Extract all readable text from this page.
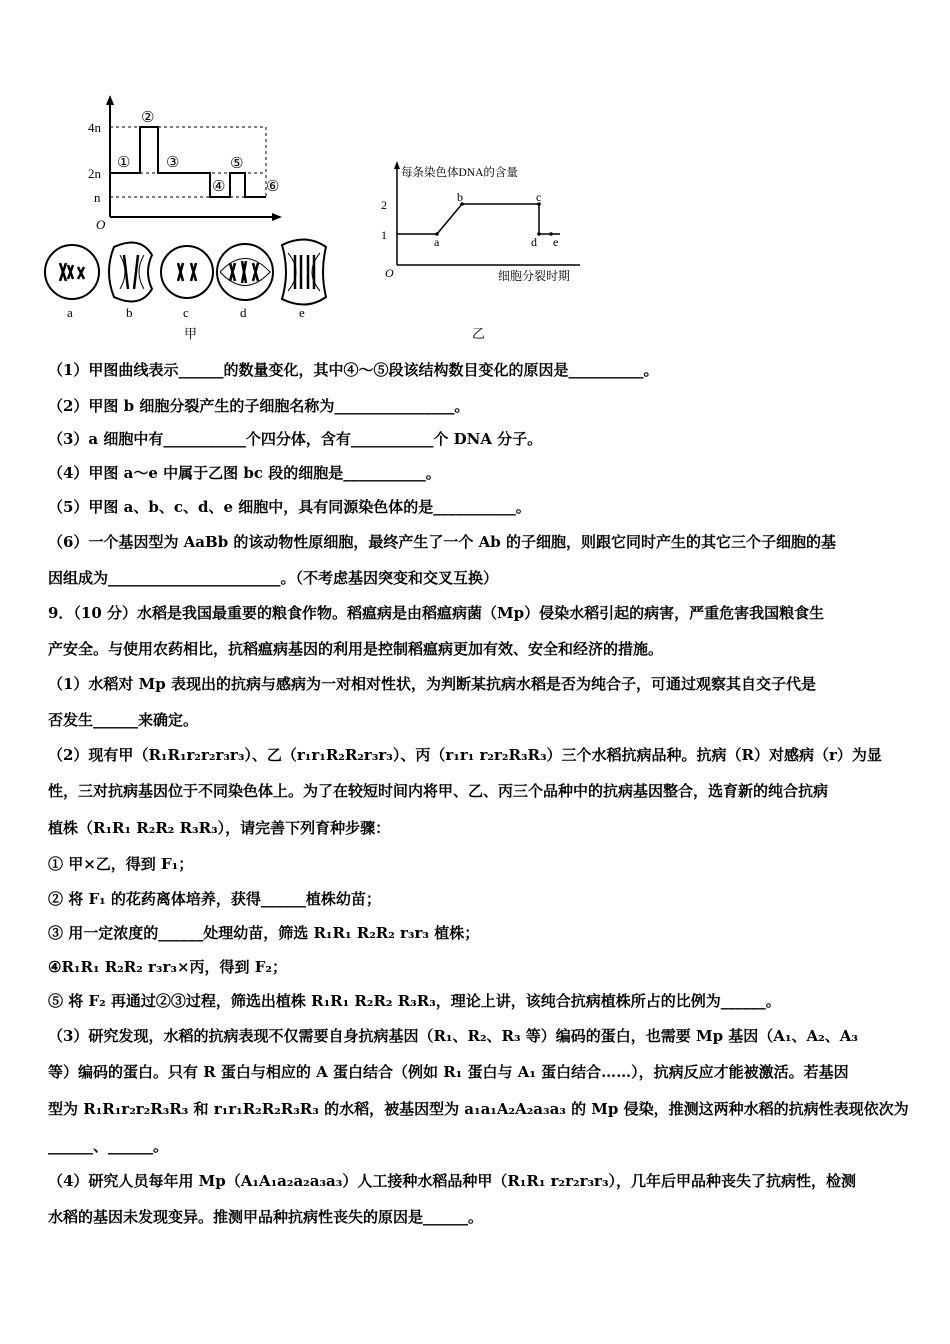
4n
2n
n
O
①
②
③
④
⑤
⑥
a	b	c	d	e
甲
每条染色体DNA的含量
2
1
O
a
b	c
d e
细胞分裂时期
乙
（1）甲图曲线表示______的数量变化，其中④～⑤段该结构数目变化的原因是__________。
（2）甲图 b 细胞分裂产生的子细胞名称为________________。
（3）a 细胞中有___________个四分体，含有___________个 DNA 分子。
（4）甲图 a～e 中属于乙图 bc 段的细胞是___________。
（5）甲图 a、b、c、d、e 细胞中，具有同源染色体的是___________。
（6）一个基因型为 AaBb 的该动物性原细胞，最终产生了一个 Ab 的子细胞，则跟它同时产生的其它三个子细胞的基
因组成为_______________________。（不考虑基因突变和交叉互换）
9．（10 分）水稻是我国最重要的粮食作物。稻瘟病是由稻瘟病菌（Mp）侵染水稻引起的病害，严重危害我国粮食生
产安全。与使用农药相比，抗稻瘟病基因的利用是控制稻瘟病更加有效、安全和经济的措施。
（1）水稻对 Mp 表现出的抗病与感病为一对相对性状，为判断某抗病水稻是否为纯合子，可通过观察其自交子代是
否发生______来确定。
（2）现有甲（R₁R₁r₂r₂r₃r₃）、乙（r₁r₁R₂R₂r₃r₃）、丙（r₁r₁ r₂r₂R₃R₃）三个水稻抗病品种。抗病（R）对感病（r）为显
性，三对抗病基因位于不同染色体上。为了在较短时间内将甲、乙、丙三个品种中的抗病基因整合，选育新的纯合抗病
植株（R₁R₁ R₂R₂ R₃R₃），请完善下列育种步骤：
① 甲×乙，得到 F₁；
② 将 F₁ 的花药离体培养，获得______植株幼苗；
③ 用一定浓度的______处理幼苗，筛选 R₁R₁ R₂R₂ r₃r₃ 植株；
④R₁R₁ R₂R₂ r₃r₃×丙，得到 F₂；
⑤ 将 F₂ 再通过②③过程，筛选出植株 R₁R₁ R₂R₂ R₃R₃，理论上讲，该纯合抗病植株所占的比例为______。
（3）研究发现，水稻的抗病表现不仅需要自身抗病基因（R₁、R₂、R₃ 等）编码的蛋白，也需要 Mp 基因（A₁、A₂、A₃
等）编码的蛋白。只有 R 蛋白与相应的 A 蛋白结合（例如 R₁ 蛋白与 A₁ 蛋白结合……），抗病反应才能被激活。若基因
型为 R₁R₁r₂r₂R₃R₃ 和 r₁r₁R₂R₂R₃R₃ 的水稻，被基因型为 a₁a₁A₂A₂a₃a₃ 的 Mp 侵染，推测这两种水稻的抗病性表现依次为
______、______。
（4）研究人员每年用 Mp（A₁A₁a₂a₂a₃a₃）人工接种水稻品种甲（R₁R₁ r₂r₂r₃r₃），几年后甲品种丧失了抗病性，检测
水稻的基因未发现变异。推测甲品种抗病性丧失的原因是______。
